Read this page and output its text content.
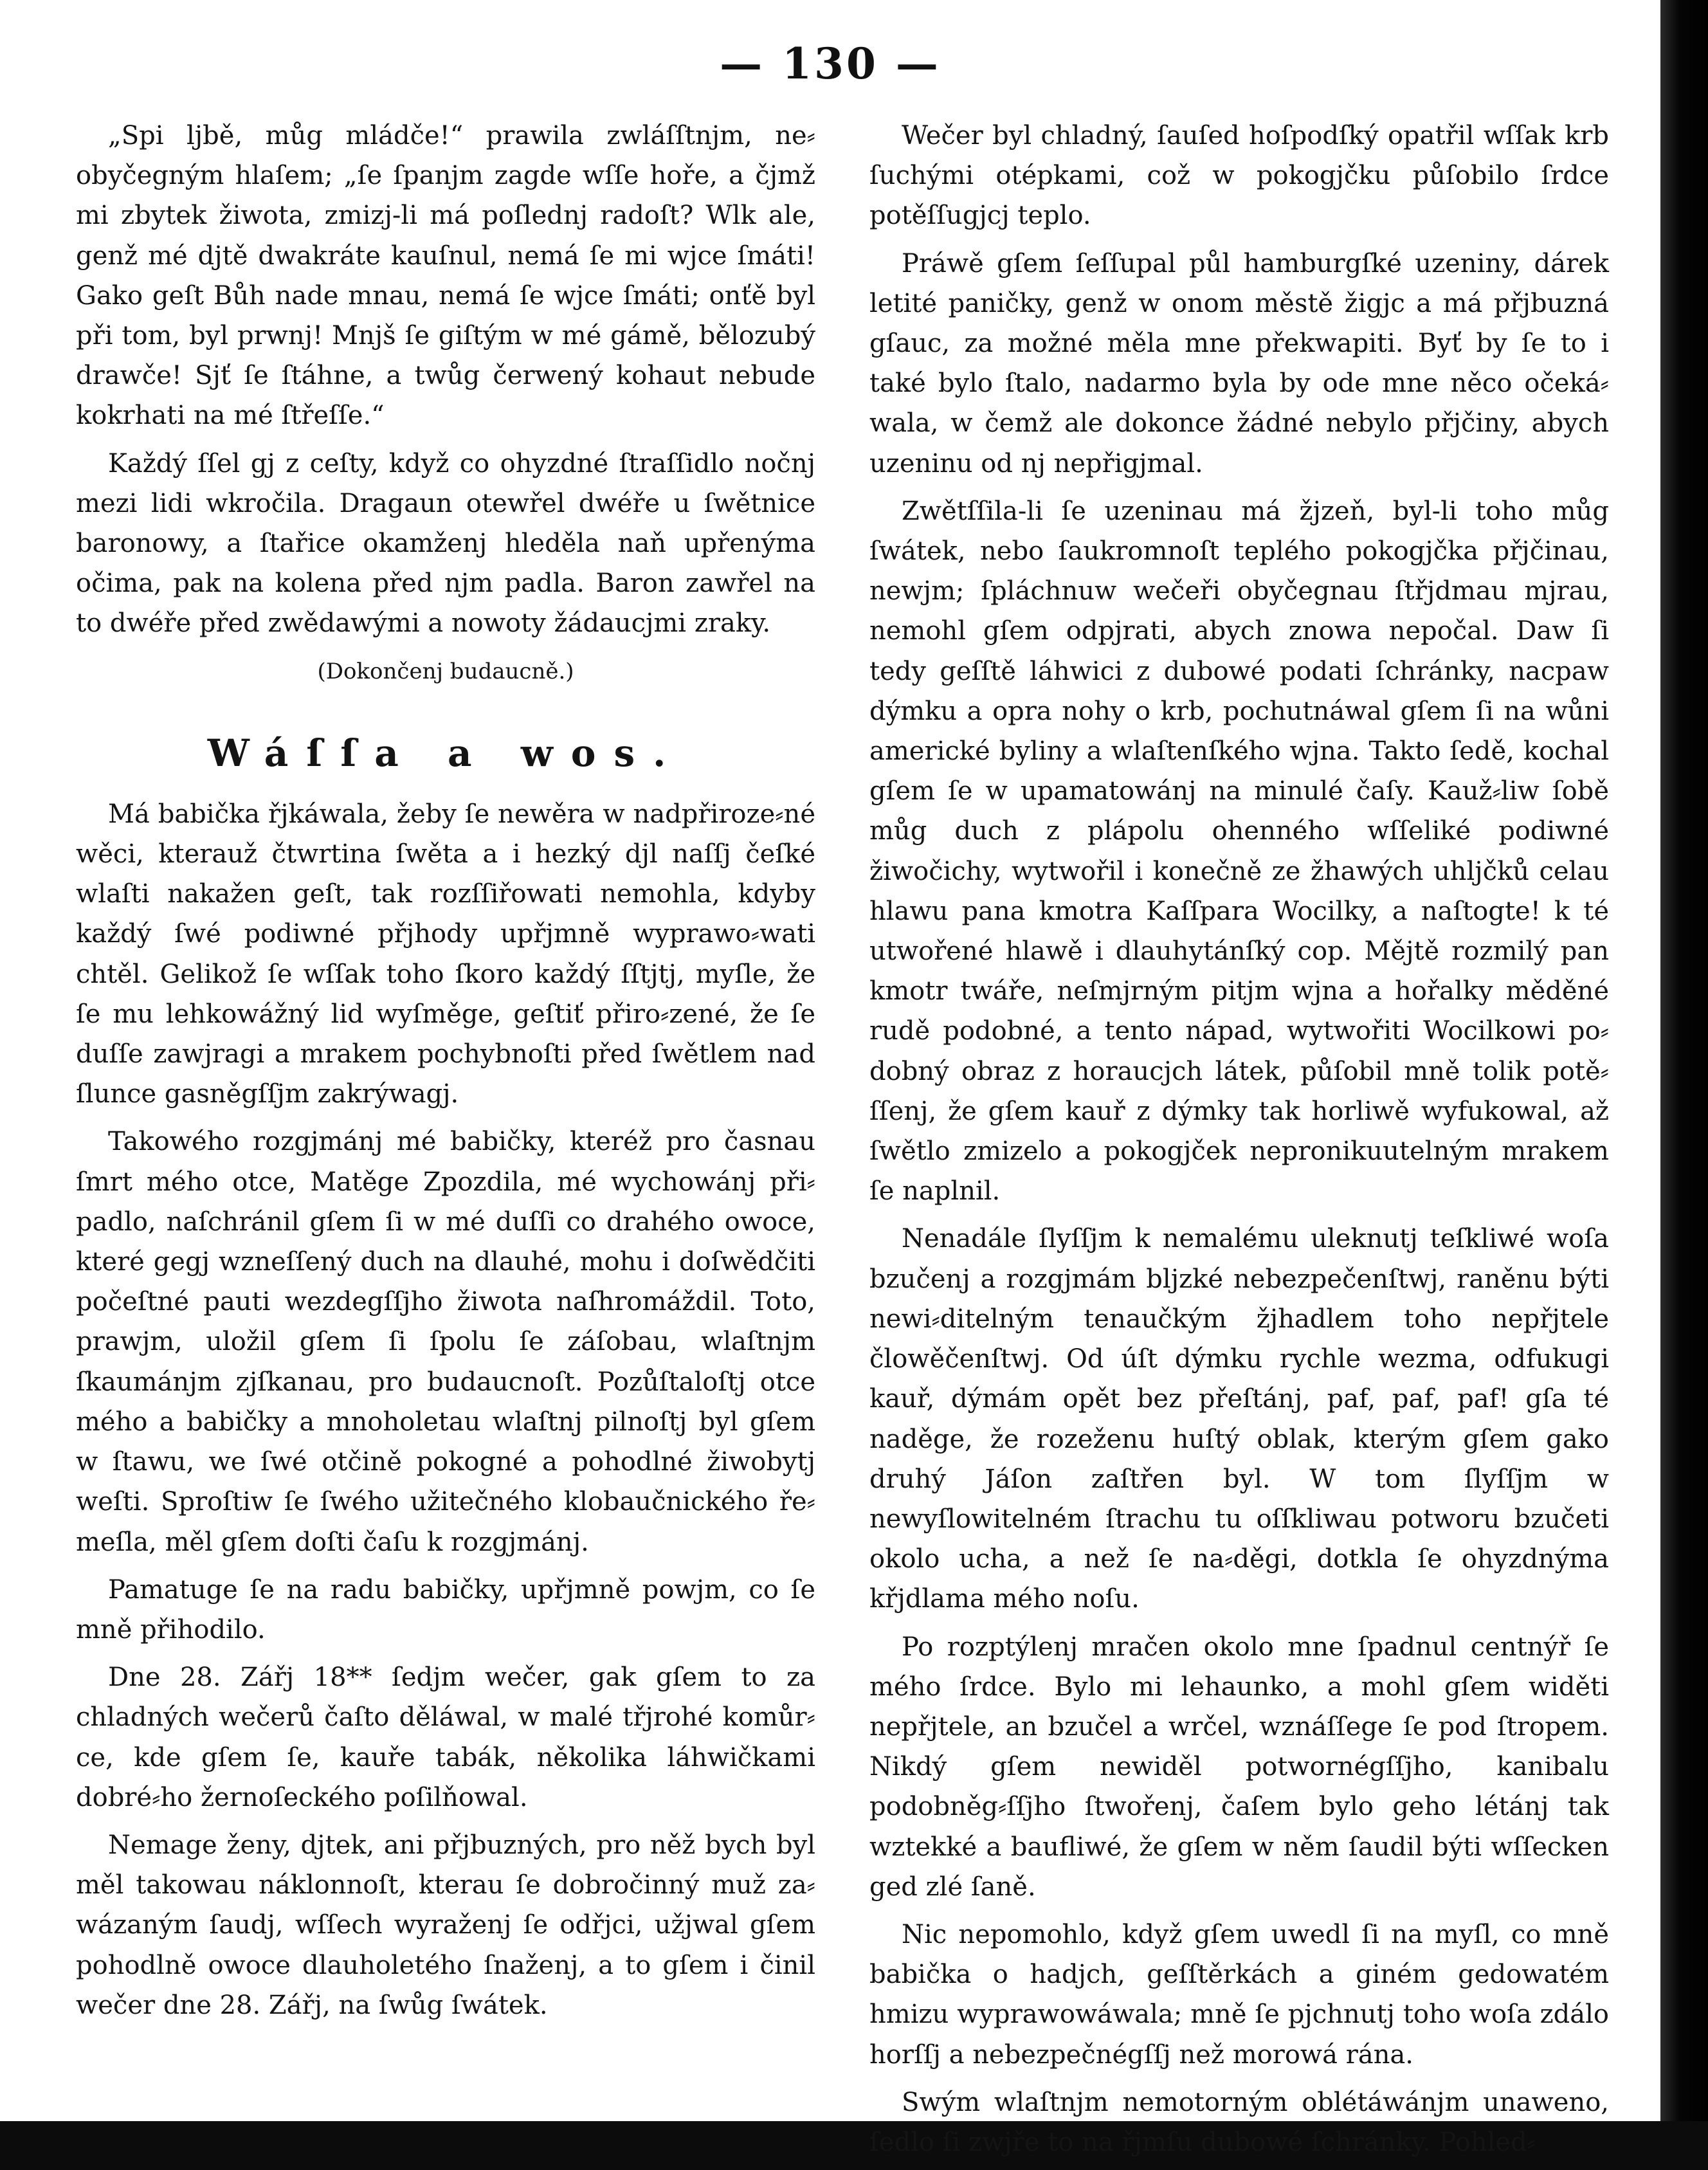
— 130 —

„Spi ljbě, můg mládče!“ prawila zwláſſtnjm, ne⸗obyčegným hlaſem; „ſe ſpanjm zagde wſſe hoře, a čjmž mi zbytek žiwota, zmizj-li má poſlednj radoſt? Wlk ale, genž mé djtě dwakráte kauſnul, nemá ſe mi wjce ſmáti! Gako geſt Bůh nade mnau, nemá ſe wjce ſmáti; onťě byl při tom, byl prwnj! Mnjš ſe giſtým w mé gámě, bělozubý drawče! Sjť ſe ſtáhne, a twůg čerwený kohaut nebude kokrhati na mé ſtřeſſe.“

Každý ſſel gj z ceſty, když co ohyzdné ſtraſſidlo nočnj mezi lidi wkročila. Dragaun otewřel dwéře u ſwětnice baronowy, a ſtařice okamženj hleděla naň upřenýma očima, pak na kolena před njm padla. Baron zawřel na to dwéře před zwědawými a nowoty žádaucjmi zraky.

(Dokončenj budaucně.)

Wáſſa a wos.

Má babička řjkáwala, žeby ſe newěra w nadpřiroze⸗né wěci, kterauž čtwrtina ſwěta a i hezký djl naſſj čeſké wlaſti nakažen geſt, tak rozſſiřowati nemohla, kdyby každý ſwé podiwné přjhody upřjmně wyprawo⸗wati chtěl. Gelikož ſe wſſak toho ſkoro každý ſſtjtj, myſle, že ſe mu lehkowážný lid wyſměge, geſtiť přiro⸗zené, že ſe duſſe zawjragi a mrakem pochybnoſti před ſwětlem nad ſlunce gasněgſſjm zakrýwagj.

Takowého rozgjmánj mé babičky, kteréž pro časnau ſmrt mého otce, Matěge Zpozdila, mé wychowánj při⸗padlo, naſchránil gſem ſi w mé duſſi co drahého owoce, které gegj wzneſſený duch na dlauhé, mohu i doſwědčiti počeſtné pauti wezdegſſjho žiwota naſhromáždil. Toto, prawjm, uložil gſem ſi ſpolu ſe záſobau, wlaſtnjm ſkaumánjm zjſkanau, pro budaucnoſt. Pozůſtaloſtj otce mého a babičky a mnoholetau wlaſtnj pilnoſtj byl gſem w ſtawu, we ſwé otčině pokogné a pohodlné žiwobytj weſti. Sproſtiw ſe ſwého užitečného klobaučnického ře⸗meſla, měl gſem doſti čaſu k rozgjmánj.

Pamatuge ſe na radu babičky, upřjmně powjm, co ſe mně přihodilo.

Dne 28. Zářj 18** ſedjm wečer, gak gſem to za chladných wečerů čaſto děláwal, w malé třjrohé komůr⸗ce, kde gſem ſe, kauře tabák, několika láhwičkami dobré⸗ho žernoſeckého poſilňowal.

Nemage ženy, djtek, ani přjbuzných, pro něž bych byl měl takowau náklonnoſt, kterau ſe dobročinný muž za⸗wázaným ſaudj, wſſech wyraženj ſe odřjci, užjwal gſem pohodlně owoce dlauholetého ſnaženj, a to gſem i činil wečer dne 28. Zářj, na ſwůg ſwátek.

Wečer byl chladný, ſauſed hoſpodſký opatřil wſſak krb ſuchými otépkami, což w pokogjčku půſobilo ſrdce potěſſugjcj teplo.

Práwě gſem ſeſſupal půl hamburgſké uzeniny, dárek letité paničky, genž w onom městě žigjc a má přjbuzná gſauc, za možné měla mne překwapiti. Byť by ſe to i také bylo ſtalo, nadarmo byla by ode mne něco očeká⸗wala, w čemž ale dokonce žádné nebylo přjčiny, abych uzeninu od nj nepřigjmal.

Zwětſſila-li ſe uzeninau má žjzeň, byl-li toho můg ſwátek, nebo ſaukromnoſt teplého pokogjčka přjčinau, newjm; ſpláchnuw wečeři obyčegnau ſtřjdmau mjrau, nemohl gſem odpjrati, abych znowa nepočal. Daw ſi tedy geſſtě láhwici z dubowé podati ſchránky, nacpaw dýmku a opra nohy o krb, pochutnáwal gſem ſi na wůni americké byliny a wlaſtenſkého wjna. Takto ſedě, kochal gſem ſe w upamatowánj na minulé čaſy. Kauž⸗liw ſobě můg duch z plápolu ohenného wſſeliké podiwné žiwočichy, wytwořil i konečně ze žhawých uhljčků celau hlawu pana kmotra Kaſſpara Wocilky, a naſtogte! k té utwořené hlawě i dlauhytánſký cop. Mějtě rozmilý pan kmotr twáře, neſmjrným pitjm wjna a hořalky měděné rudě podobné, a tento nápad, wytwořiti Wocilkowi po⸗dobný obraz z horaucjch látek, půſobil mně tolik potě⸗ſſenj, že gſem kauř z dýmky tak horliwě wyfukowal, až ſwětlo zmizelo a pokogjček nepronikuutelným mrakem ſe naplnil.

Nenadále ſlyſſjm k nemalému uleknutj teſkliwé woſa bzučenj a rozgjmám bljzké nebezpečenſtwj, raněnu býti newi⸗ditelným tenaučkým žjhadlem toho nepřjtele člowěčenſtwj. Od úſt dýmku rychle wezma, odfukugi kauř, dýmám opět bez přeſtánj, paf, paf, paf! gſa té naděge, že rozeženu huſtý oblak, kterým gſem gako druhý Jáſon zaſtřen byl. W tom ſlyſſjm w newyſlowitelném ſtrachu tu oſſkliwau potworu bzučeti okolo ucha, a než ſe na⸗děgi, dotkla ſe ohyzdnýma křjdlama mého noſu.

Po rozptýlenj mračen okolo mne ſpadnul centnýř ſe mého ſrdce. Bylo mi lehaunko, a mohl gſem widěti nepřjtele, an bzučel a wrčel, wznáſſege ſe pod ſtropem. Nikdý gſem newiděl potwornégſſjho, kanibalu podobněg⸗ſſjho ſtwořenj, čaſem bylo geho létánj tak wztekké a baufliwé, že gſem w něm ſaudil býti wſſecken ged zlé ſaně.

Nic nepomohlo, když gſem uwedl ſi na myſl, co mně babička o hadjch, geſſtěrkách a giném gedowatém hmizu wyprawowáwala; mně ſe pjchnutj toho woſa zdálo horſſj a nebezpečnégſſj než morowá rána.

Swým wlaſtnjm nemotorným oblétáwánjm unaweno, ſedlo ſi zwjře to na řjmſu dubowé ſchránky. Pohled⸗
